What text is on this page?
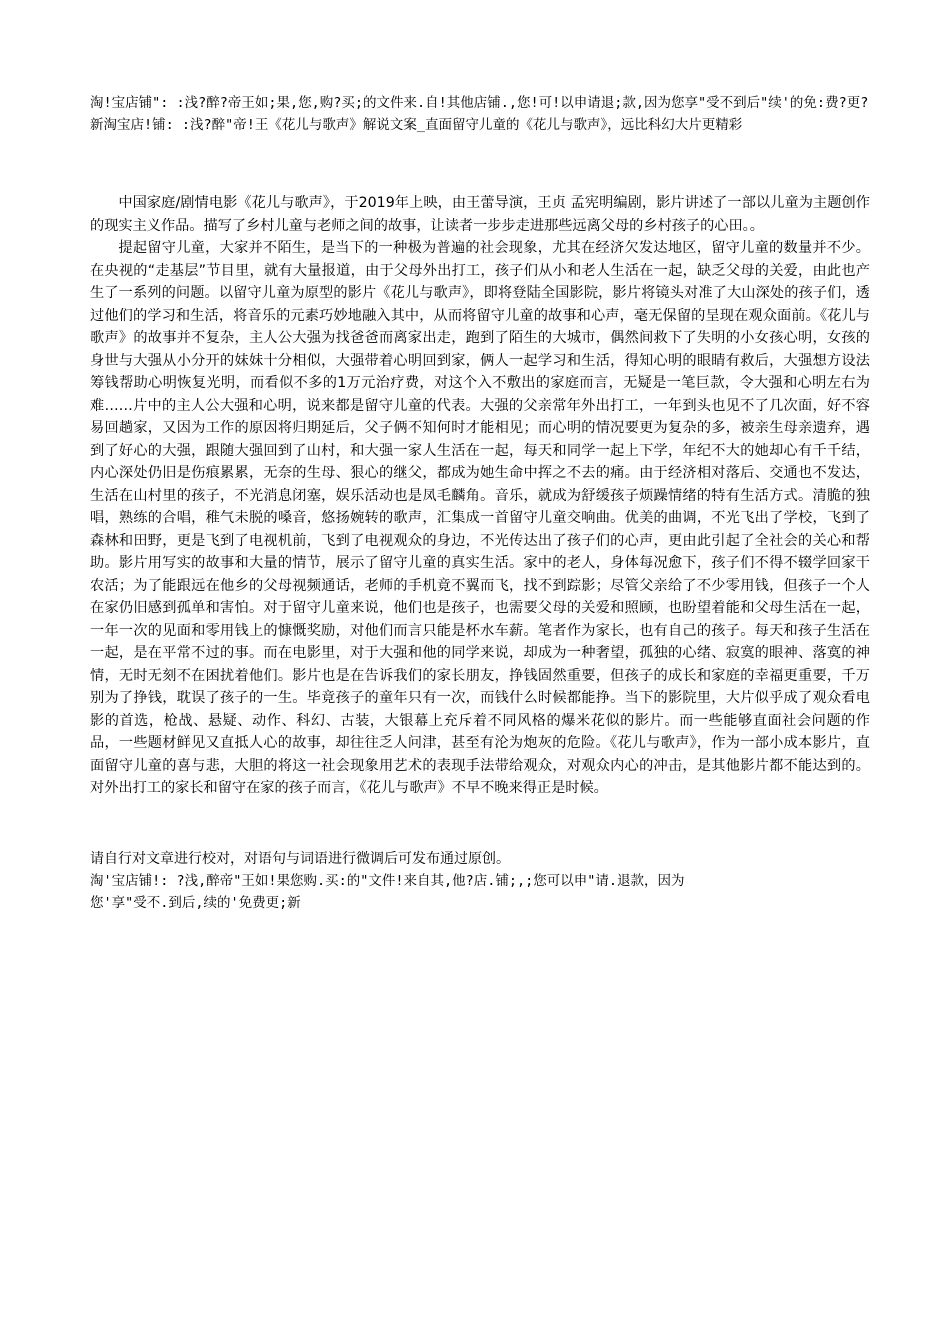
淘!宝店铺": :浅?醉?帝王如;果,您,购?买;的文件来.自!其他店铺.,您!可!以申请退;款,因为您享"受不到后"续'的免:费?更?新淘宝店!铺: :浅?醉"帝!王《花儿与歌声》解说文案_直面留守儿童的《花儿与歌声》，远比科幻大片更精彩

中国家庭/剧情电影《花儿与歌声》，于2019年上映，由王蕾导演，王贞 孟宪明编剧，影片讲述了一部以儿童为主题创作的现实主义作品。描写了乡村儿童与老师之间的故事，让读者一步步走进那些远离父母的乡村孩子的心田。。

提起留守儿童，大家并不陌生，是当下的一种极为普遍的社会现象，尤其在经济欠发达地区，留守儿童的数量并不少。在央视的“走基层”节目里，就有大量报道，由于父母外出打工，孩子们从小和老人生活在一起，缺乏父母的关爱，由此也产生了一系列的问题。以留守儿童为原型的影片《花儿与歌声》，即将登陆全国影院，影片将镜头对准了大山深处的孩子们，透过他们的学习和生活，将音乐的元素巧妙地融入其中，从而将留守儿童的故事和心声，毫无保留的呈现在观众面前。《花儿与歌声》的故事并不复杂，主人公大强为找爸爸而离家出走，跑到了陌生的大城市，偶然间救下了失明的小女孩心明，女孩的身世与大强从小分开的妹妹十分相似，大强带着心明回到家，俩人一起学习和生活，得知心明的眼睛有救后，大强想方设法筹钱帮助心明恢复光明，而看似不多的1万元治疗费，对这个入不敷出的家庭而言，无疑是一笔巨款，令大强和心明左右为难……片中的主人公大强和心明，说来都是留守儿童的代表。大强的父亲常年外出打工，一年到头也见不了几次面，好不容易回趟家，又因为工作的原因将归期延后，父子俩不知何时才能相见；而心明的情况要更为复杂的多，被亲生母亲遗弃，遇到了好心的大强，跟随大强回到了山村，和大强一家人生活在一起，每天和同学一起上下学，年纪不大的她却心有千千结，内心深处仍旧是伤痕累累，无奈的生母、狠心的继父，都成为她生命中挥之不去的痛。由于经济相对落后、交通也不发达，生活在山村里的孩子，不光消息闭塞，娱乐活动也是凤毛麟角。音乐，就成为舒缓孩子烦躁情绪的特有生活方式。清脆的独唱，熟练的合唱，稚气未脱的嗓音，悠扬婉转的歌声，汇集成一首留守儿童交响曲。优美的曲调，不光飞出了学校，飞到了森林和田野，更是飞到了电视机前，飞到了电视观众的身边，不光传达出了孩子们的心声，更由此引起了全社会的关心和帮助。影片用写实的故事和大量的情节，展示了留守儿童的真实生活。家中的老人，身体每况愈下，孩子们不得不辍学回家干农活；为了能跟远在他乡的父母视频通话，老师的手机竟不翼而飞，找不到踪影；尽管父亲给了不少零用钱，但孩子一个人在家仍旧感到孤单和害怕。对于留守儿童来说，他们也是孩子，也需要父母的关爱和照顾，也盼望着能和父母生活在一起，一年一次的见面和零用钱上的慷慨奖励，对他们而言只能是杯水车薪。笔者作为家长，也有自己的孩子。每天和孩子生活在一起，是在平常不过的事。而在电影里，对于大强和他的同学来说，却成为一种奢望，孤独的心绪、寂寞的眼神、落寞的神情，无时无刻不在困扰着他们。影片也是在告诉我们的家长朋友，挣钱固然重要，但孩子的成长和家庭的幸福更重要，千万别为了挣钱，耽误了孩子的一生。毕竟孩子的童年只有一次，而钱什么时候都能挣。当下的影院里，大片似乎成了观众看电影的首选，枪战、悬疑、动作、科幻、古装，大银幕上充斥着不同风格的爆米花似的影片。而一些能够直面社会问题的作品，一些题材鲜见又直抵人心的故事，却往往乏人问津，甚至有沦为炮灰的危险。《花儿与歌声》，作为一部小成本影片，直面留守儿童的喜与悲，大胆的将这一社会现象用艺术的表现手法带给观众，对观众内心的冲击，是其他影片都不能达到的。对外出打工的家长和留守在家的孩子而言，《花儿与歌声》不早不晚来得正是时候。

请自行对文章进行校对，对语句与词语进行微调后可发布通过原创。

淘'宝店铺!: ?浅,醉帝"王如!果您购.买:的"文件!来自其,他?店.铺;,;您可以申"请.退款，因为

您'享"受不.到后,续的'免费更;新
